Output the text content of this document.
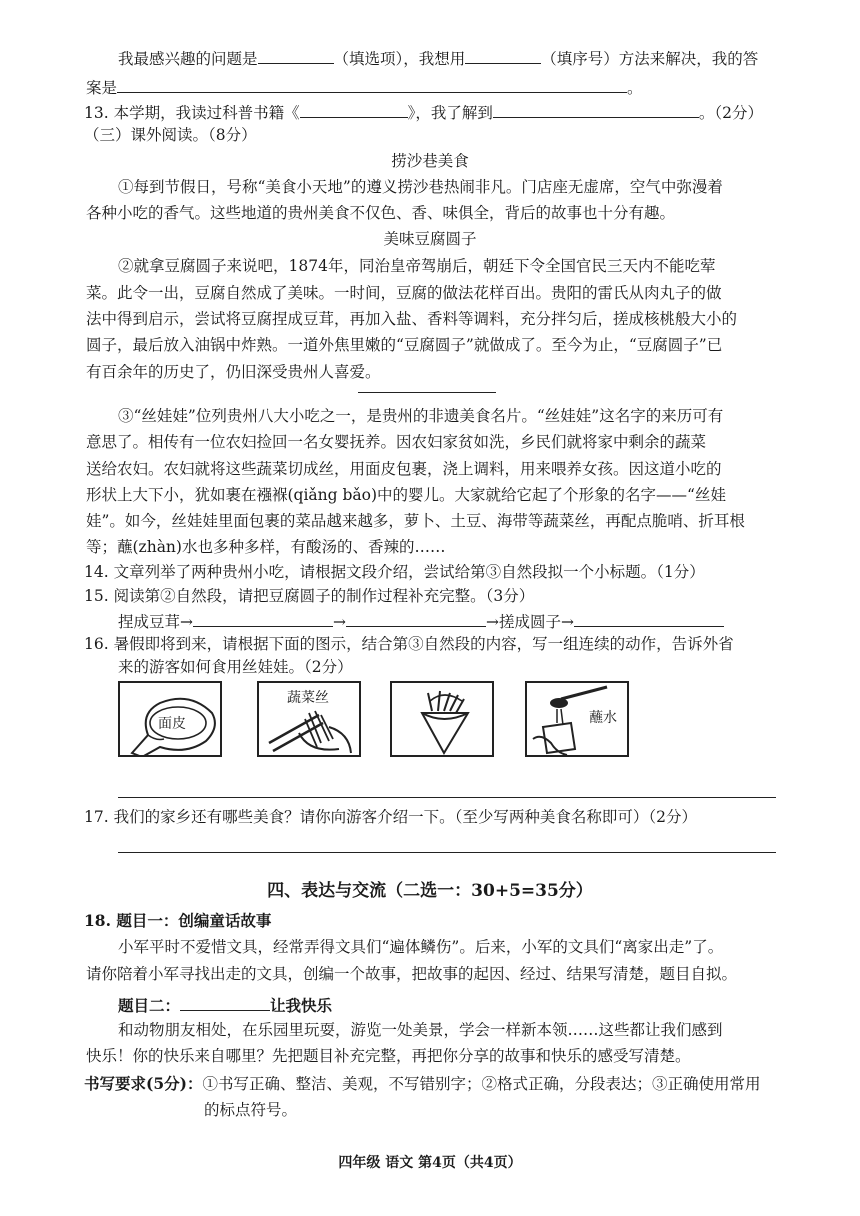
我最感兴趣的问题是	（填选项），我想用	（填序号）方法来解决，我的答
案是	。
13. 本学期，我读过科普书籍《	》，我了解到	。（2分）
（三）课外阅读。（8分）
捞沙巷美食
①每到节假日，号称“美食小天地”的遵义捞沙巷热闹非凡。门店座无虚席，空气中弥漫着
各种小吃的香气。这些地道的贵州美食不仅色、香、味俱全，背后的故事也十分有趣。
美味豆腐圆子
②就拿豆腐圆子来说吧，1874年，同治皇帝驾崩后，朝廷下令全国官民三天内不能吃荤
菜。此令一出，豆腐自然成了美味。一时间，豆腐的做法花样百出。贵阳的雷氏从肉丸子的做
法中得到启示，尝试将豆腐捏成豆茸，再加入盐、香料等调料，充分拌匀后，搓成核桃般大小的
圆子，最后放入油锅中炸熟。一道外焦里嫩的“豆腐圆子”就做成了。至今为止，“豆腐圆子”已
有百余年的历史了，仍旧深受贵州人喜爱。
③“丝娃娃”位列贵州八大小吃之一，是贵州的非遗美食名片。“丝娃娃”这名字的来历可有
意思了。相传有一位农妇捡回一名女婴抚养。因农妇家贫如洗，乡民们就将家中剩余的蔬菜
送给农妇。农妇就将这些蔬菜切成丝，用面皮包裹，浇上调料，用来喂养女孩。因这道小吃的
形状上大下小，犹如裹在襁褓(qiǎng bǎo)中的婴儿。大家就给它起了个形象的名字——“丝娃
娃”。如今，丝娃娃里面包裹的菜品越来越多，萝卜、土豆、海带等蔬菜丝，再配点脆哨、折耳根
等；蘸(zhàn)水也多种多样，有酸汤的、香辣的……
14. 文章列举了两种贵州小吃，请根据文段介绍，尝试给第③自然段拟一个小标题。（1分）
15. 阅读第②自然段，请把豆腐圆子的制作过程补充完整。（3分）
捏成豆茸→	→	→搓成圆子→
16. 暑假即将到来，请根据下面的图示，结合第③自然段的内容，写一组连续的动作，告诉外省
来的游客如何食用丝娃娃。（2分）
面皮
蔬菜丝
蘸水
17. 我们的家乡还有哪些美食？请你向游客介绍一下。（至少写两种美食名称即可）（2分）
四、表达与交流（二选一：30+5=35分）
18. 题目一：创编童话故事
小军平时不爱惜文具，经常弄得文具们“遍体鳞伤”。后来，小军的文具们“离家出走”了。
请你陪着小军寻找出走的文具，创编一个故事，把故事的起因、经过、结果写清楚，题目自拟。
题目二：	让我快乐
和动物朋友相处，在乐园里玩耍，游览一处美景，学会一样新本领……这些都让我们感到
快乐！你的快乐来自哪里？先把题目补充完整，再把你分享的故事和快乐的感受写清楚。
书写要求(5分)：①书写正确、整洁、美观，不写错别字；②格式正确，分段表达；③正确使用常用
的标点符号。
四年级 语文 第4页（共4页）
